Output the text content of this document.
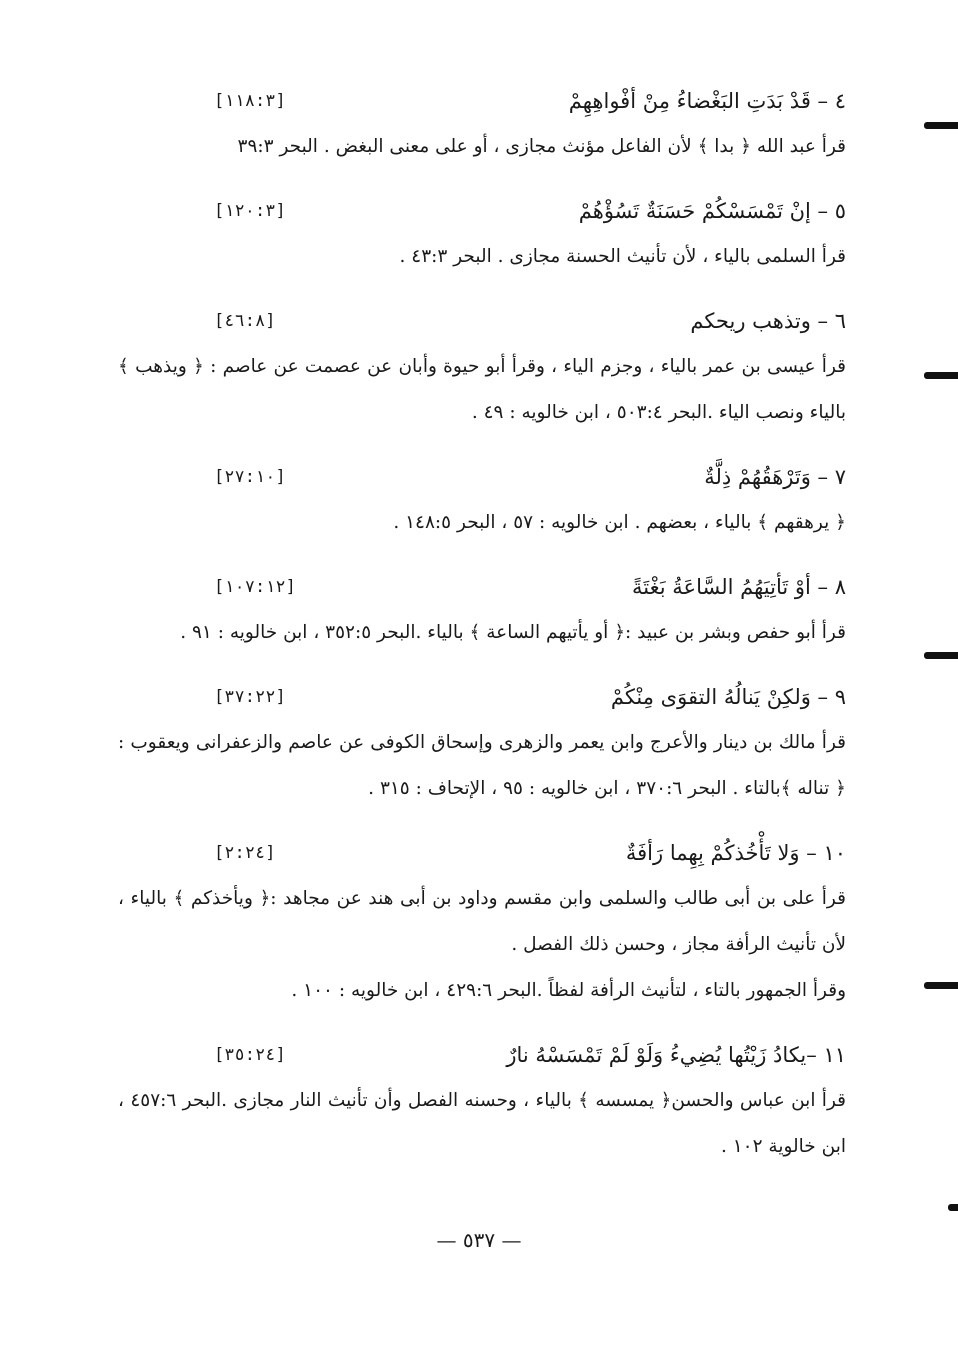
٤ – قَدْ بَدَتِ البَغْضاءُ مِنْ أفْواهِهِمْ
[١١٨:٣]

قرأ عبد الله ﴿ بدا ﴾ لأن الفاعل مؤنث مجازى ، أو على معنى البغض . البحر ٣٩:٣

٥ – إنْ تَمْسَسْكُمْ حَسَنَةٌ تَسُؤْهُمْ
[١٢٠:٣]

قرأ السلمى بالياء ، لأن تأنيث الحسنة مجازى . البحر ٤٣:٣ .

٦ – وتذهب ريحكم
[٤٦:٨]

قرأ عيسى بن عمر بالياء ، وجزم الياء ، وقرأ أبو حيوة وأبان عن عصمت عن عاصم : ﴿ ويذهب ﴾ بالياء ونصب الياء .البحر ٥٠٣:٤ ، ابن خالويه : ٤٩ .

٧ – وَتَرْهَقُهُمْ ذِلَّةٌ
[٢٧:١٠]

﴿ يرهقهم ﴾ بالياء ، بعضهم . ابن خالويه : ٥٧ ، البحر ١٤٨:٥ .

٨ – أوْ تَأتِيَهُمُ السَّاعَةُ بَغْتَةً
[١٠٧:١٢]

قرأ أبو حفص وبشر بن عبيد :﴿ أو يأتيهم الساعة ﴾ بالياء .البحر ٣٥٢:٥ ، ابن خالويه : ٩١ .

٩ – وَلكِنْ يَنالُهُ التقوَى مِنْكُمْ
[٣٧:٢٢]

قرأ مالك بن دينار والأعرج وابن يعمر والزهرى وإسحاق الكوفى عن عاصم والزعفرانى ويعقوب : ﴿ تناله ﴾بالتاء . البحر ٣٧٠:٦ ، ابن خالويه : ٩٥ ، الإتحاف : ٣١٥ .

١٠ – وَلا تَأْخُذكُمْ بِهِما رَأفَةٌ
[٢:٢٤]

قرأ على بن أبى طالب والسلمى وابن مقسم وداود بن أبى هند عن مجاهد :﴿ ويأخذكم ﴾ بالياء ، لأن تأنيث الرأفة مجاز ، وحسن ذلك الفصل .

وقرأ الجمهور بالتاء ، لتأنيث الرأفة لفظاً .البحر ٤٢٩:٦ ، ابن خالويه : ١٠٠ .

١١ –يكادُ زَيْتُها يُضِيءُ وَلَوْ لَمْ تَمْسَسْهُ نارٌ
[٣٥:٢٤]

قرأ ابن عباس والحسن﴿ يمسسه ﴾ بالياء ، وحسنه الفصل وأن تأنيث النار مجازى .البحر ٤٥٧:٦ ، ابن خالوية ١٠٢ .

— ٥٣٧ —
